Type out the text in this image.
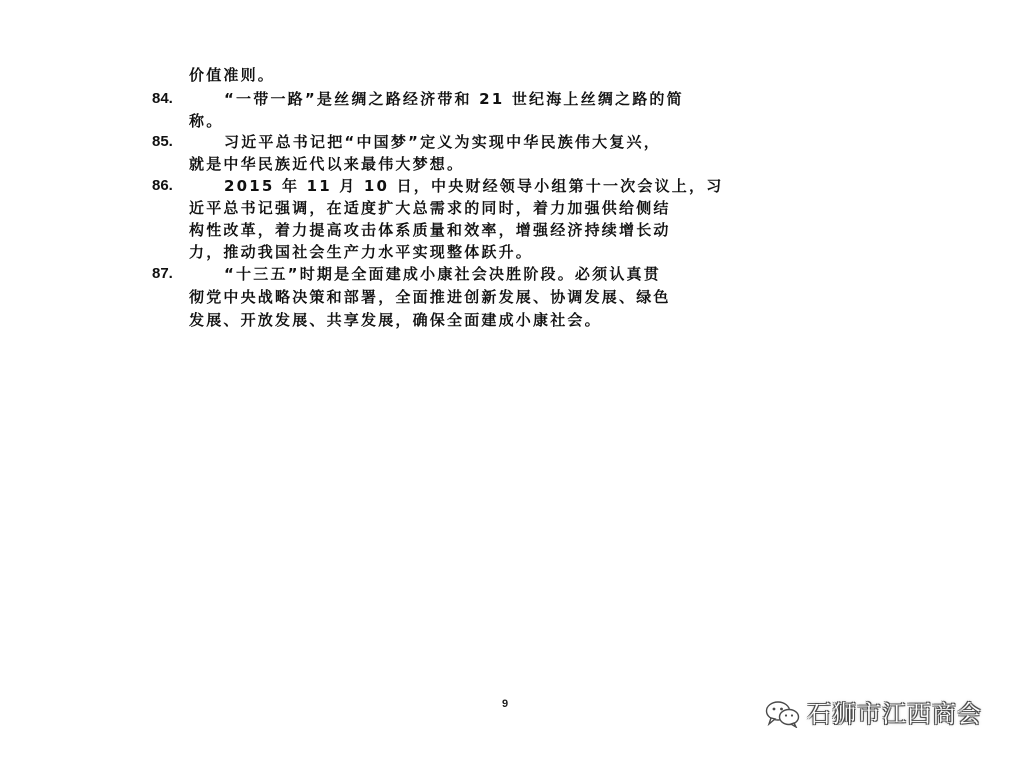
价值准则。
84.	“一带一路”是丝绸之路经济带和 21 世纪海上丝绸之路的简
称。
85.	习近平总书记把“中国梦”定义为实现中华民族伟大复兴，
就是中华民族近代以来最伟大梦想。
86.	2015 年 11 月 10 日，中央财经领导小组第十一次会议上，习
近平总书记强调，在适度扩大总需求的同时，着力加强供给侧结
构性改革，着力提高攻击体系质量和效率，增强经济持续增长动
力，推动我国社会生产力水平实现整体跃升。
87.	“十三五”时期是全面建成小康社会决胜阶段。必须认真贯
彻党中央战略决策和部署，全面推进创新发展、协调发展、绿色
发展、开放发展、共享发展，确保全面建成小康社会。
9	石狮市江西商会
